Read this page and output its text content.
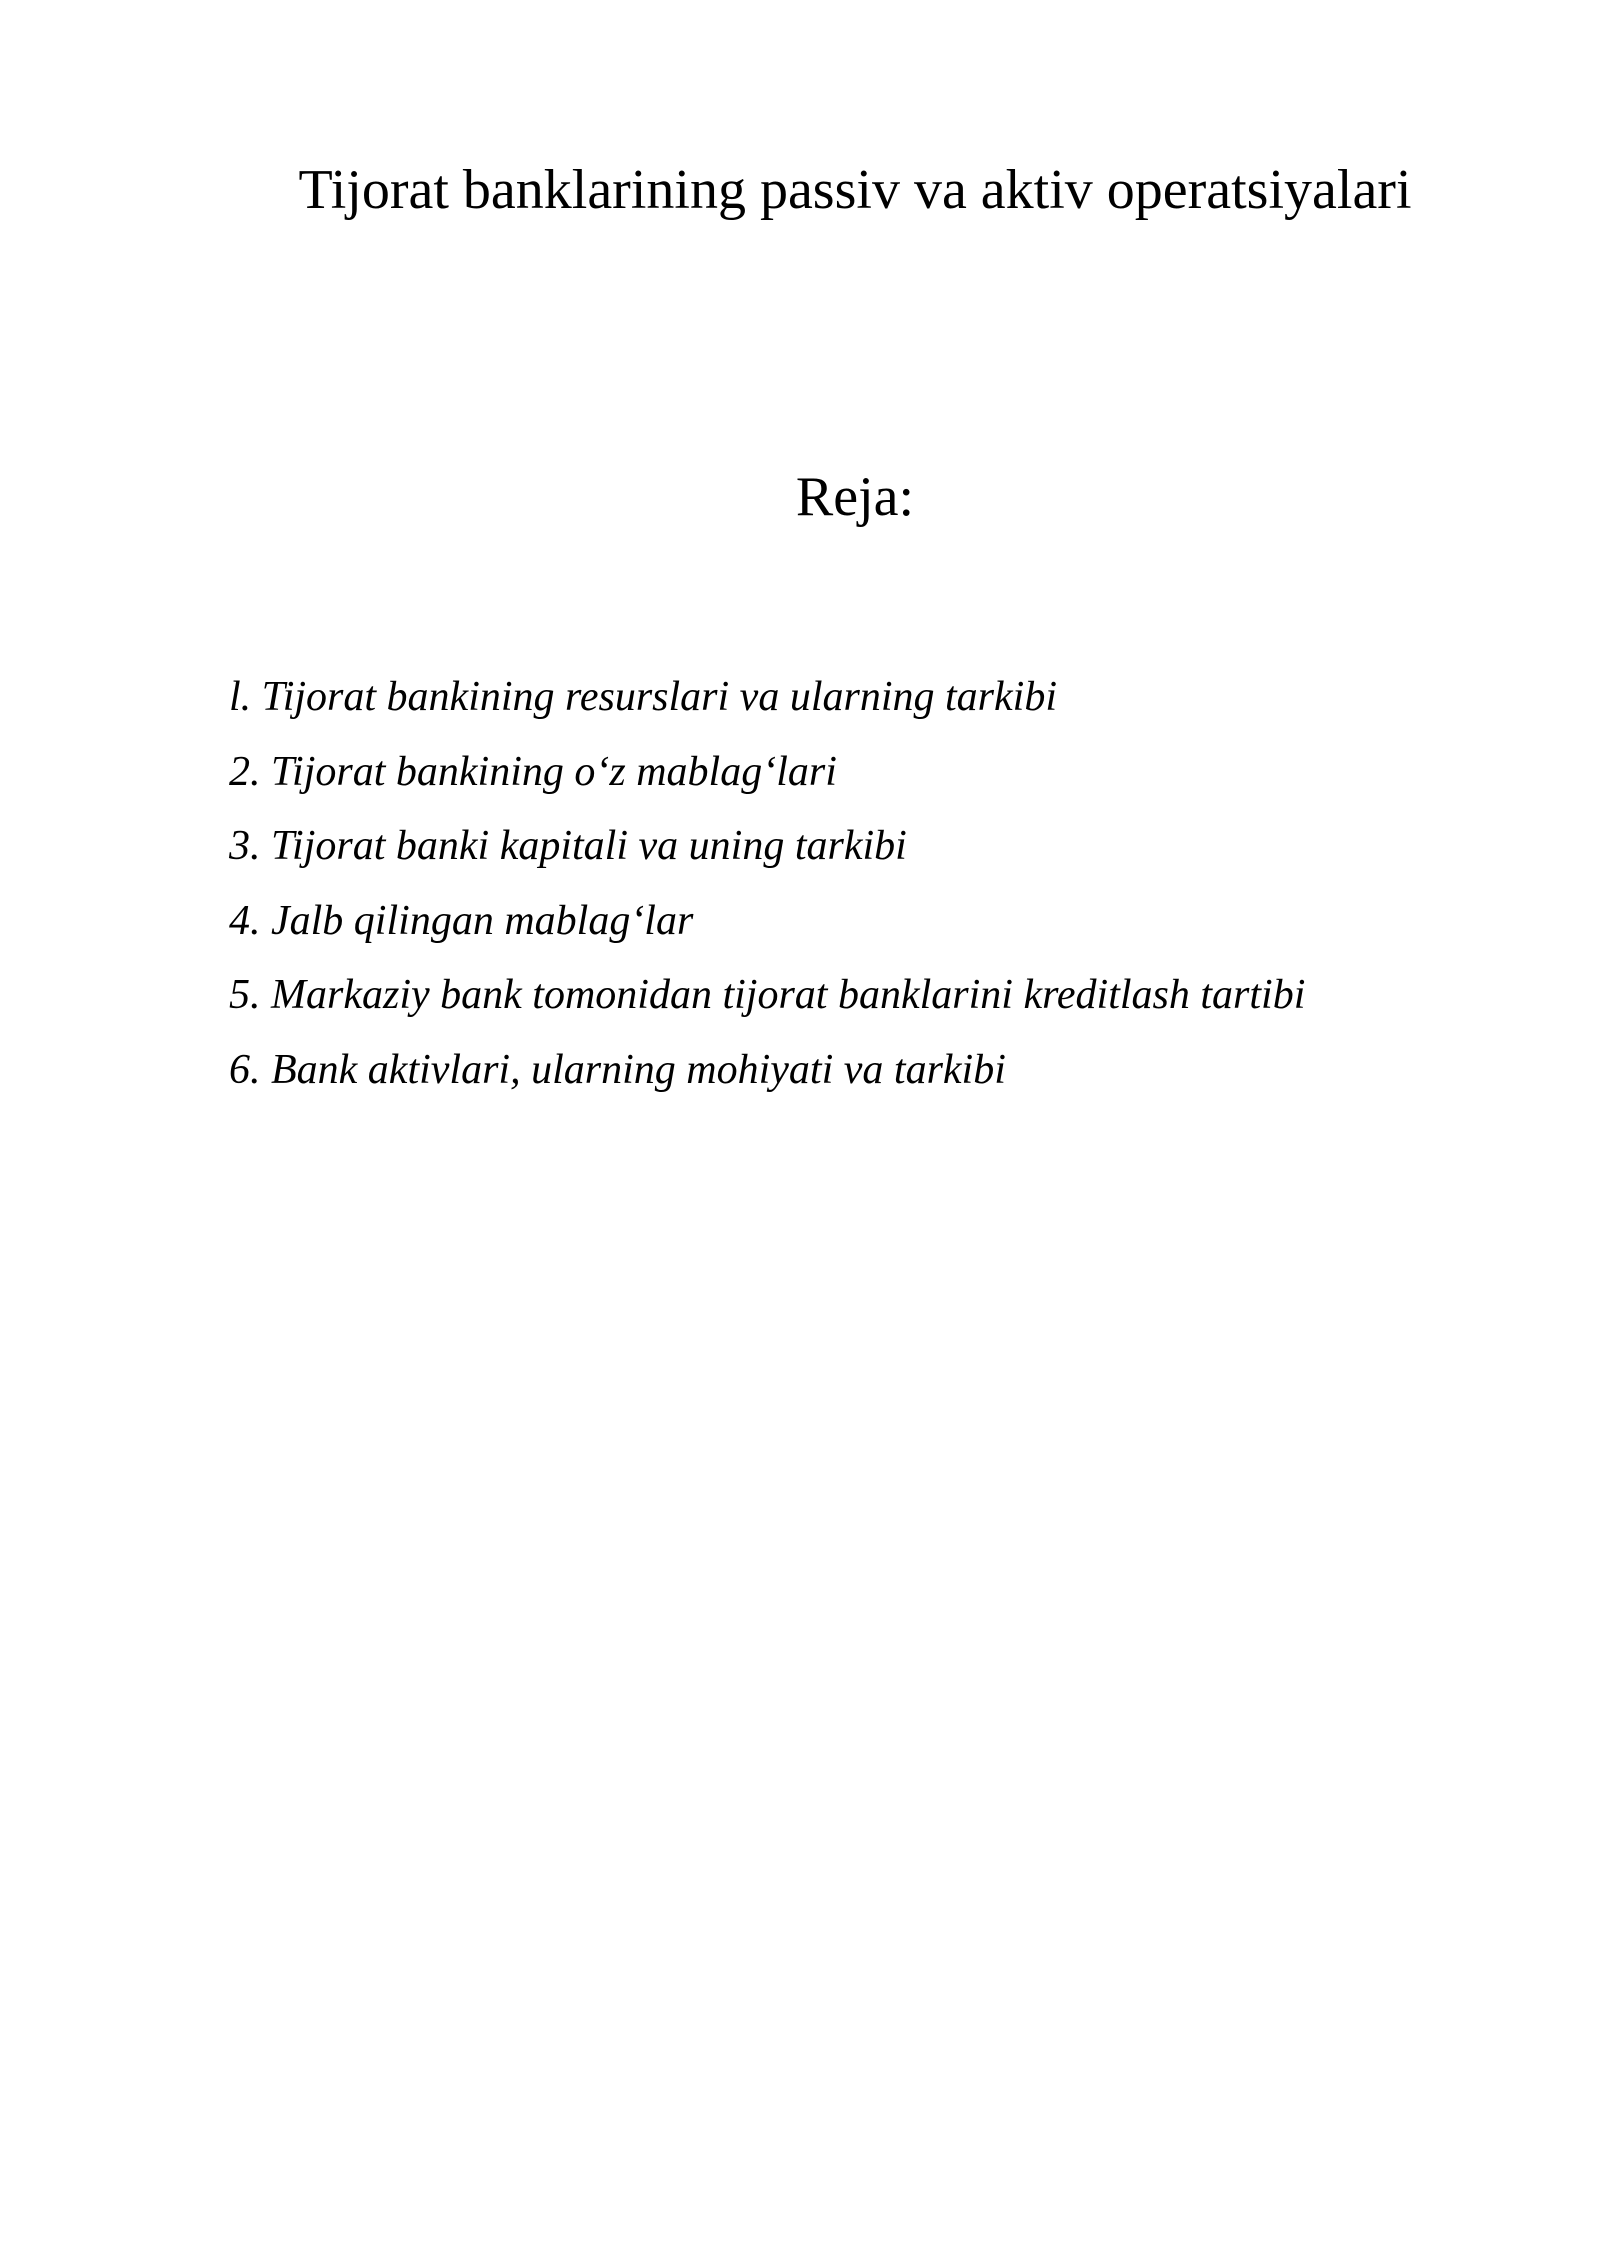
Tijorat banklarining passiv va aktiv operatsiyalari
Reja:
l. Tijorat bankining resurslari va ularning tarkibi
2. Tijorat bankining o‘z mablag‘lari
3. Tijorat banki kapitali va uning tarkibi
4. Jalb qilingan mablag‘lar
5. Markaziy bank tomonidan tijorat banklarini kreditlash tartibi
6. Bank aktivlari, ularning mohiyati va tarkibi
